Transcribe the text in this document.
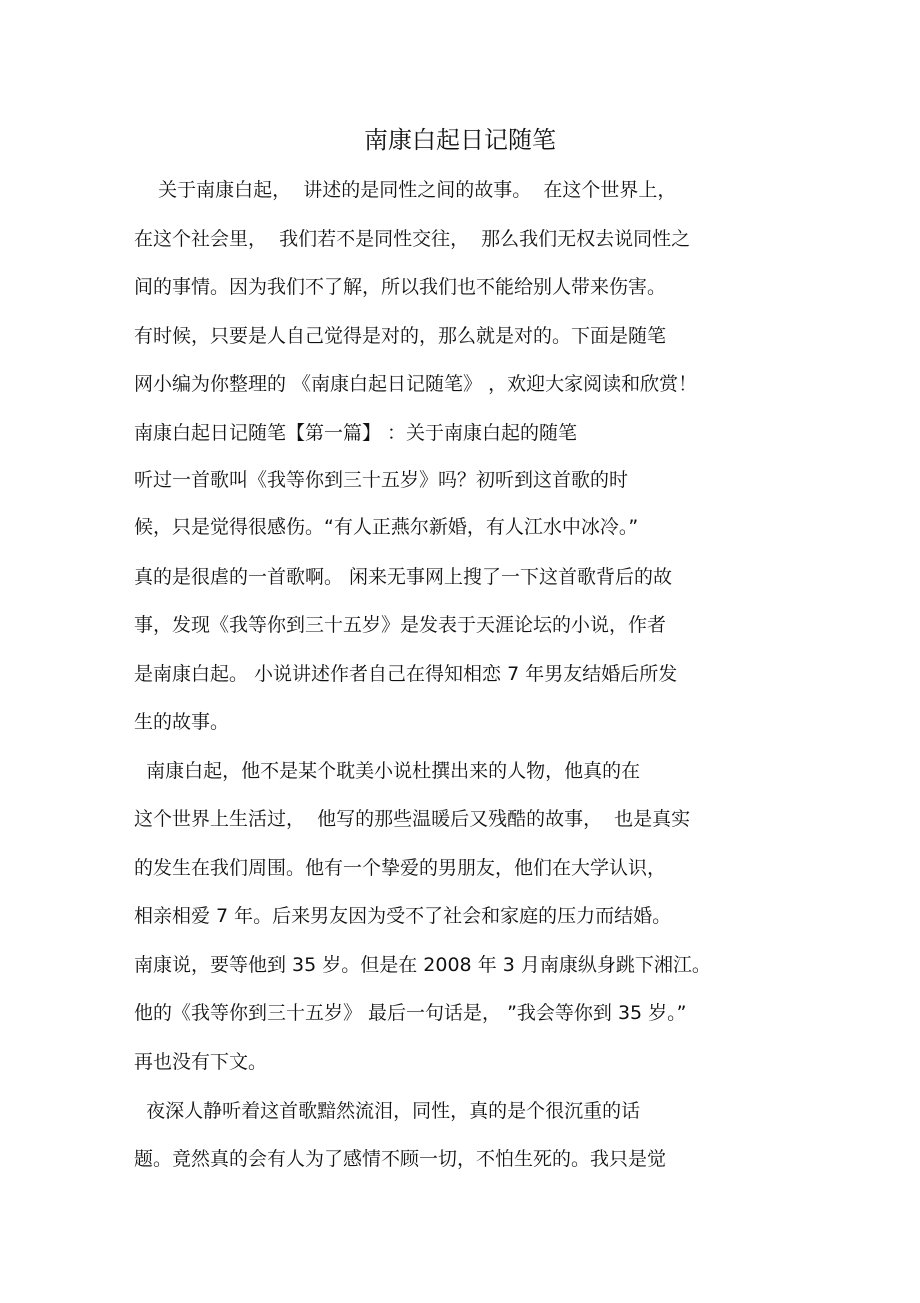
南康白起日记随笔
关于南康白起，  讲述的是同性之间的故事。  在这个世界上，
在这个社会里，  我们若不是同性交往，  那么我们无权去说同性之
间的事情。因为我们不了解，所以我们也不能给别人带来伤害。
有时候，只要是人自己觉得是对的，那么就是对的。下面是随笔
网小编为你整理的 《南康白起日记随笔》 ，欢迎大家阅读和欣赏！
南康白起日记随笔【第一篇】 ：关于南康白起的随笔
听过一首歌叫《我等你到三十五岁》吗？初听到这首歌的时
候，只是觉得很感伤。“有人正燕尔新婚，有人江水中冰冷。”
真的是很虐的一首歌啊。 闲来无事网上搜了一下这首歌背后的故
事，发现《我等你到三十五岁》是发表于天涯论坛的小说，作者
是南康白起。 小说讲述作者自己在得知相恋 7 年男友结婚后所发
生的故事。
南康白起，他不是某个耽美小说杜撰出来的人物，他真的在
这个世界上生活过，  他写的那些温暖后又残酷的故事，  也是真实
的发生在我们周围。他有一个挚爱的男朋友，他们在大学认识，
相亲相爱 7 年。后来男友因为受不了社会和家庭的压力而结婚。
南康说，要等他到 35 岁。但是在 2008 年 3 月南康纵身跳下湘江。
他的《我等你到三十五岁》 最后一句话是， ”我会等你到 35 岁。”
再也没有下文。
夜深人静听着这首歌黯然流泪，同性，真的是个很沉重的话
题。竟然真的会有人为了感情不顾一切，不怕生死的。我只是觉
